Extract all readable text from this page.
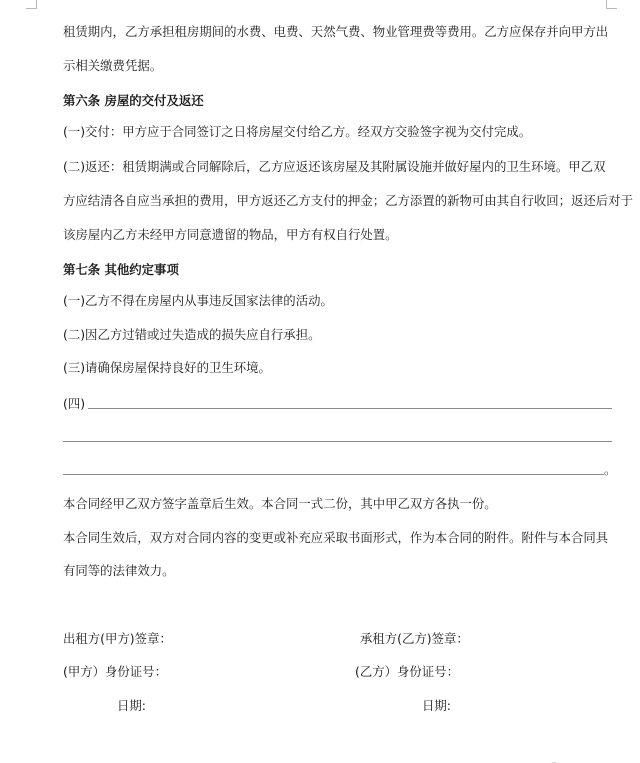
租赁期内，乙方承担租房期间的水费、电费、天然气费、物业管理费等费用。乙方应保存并向甲方出
示相关缴费凭据。
第六条 房屋的交付及返还
(一)交付：甲方应于合同签订之日将房屋交付给乙方。经双方交验签字视为交付完成。
(二)返还：租赁期满或合同解除后，乙方应返还该房屋及其附属设施并做好屋内的卫生环境。甲乙双
方应结清各自应当承担的费用，甲方返还乙方支付的押金；乙方添置的新物可由其自行收回；返还后对于
该房屋内乙方未经甲方同意遗留的物品，甲方有权自行处置。
第七条 其他约定事项
(一)乙方不得在房屋内从事违反国家法律的活动。
(二)因乙方过错或过失造成的损失应自行承担。
(三)请确保房屋保持良好的卫生环境。
(四)
。
本合同经甲乙双方签字盖章后生效。本合同一式二份，其中甲乙双方各执一份。
本合同生效后，双方对合同内容的变更或补充应采取书面形式，作为本合同的附件。附件与本合同具
有同等的法律效力。
出租方(甲方)签章：	承租方(乙方)签章：
(甲方）身份证号：	(乙方）身份证号：
日期:	日期:
